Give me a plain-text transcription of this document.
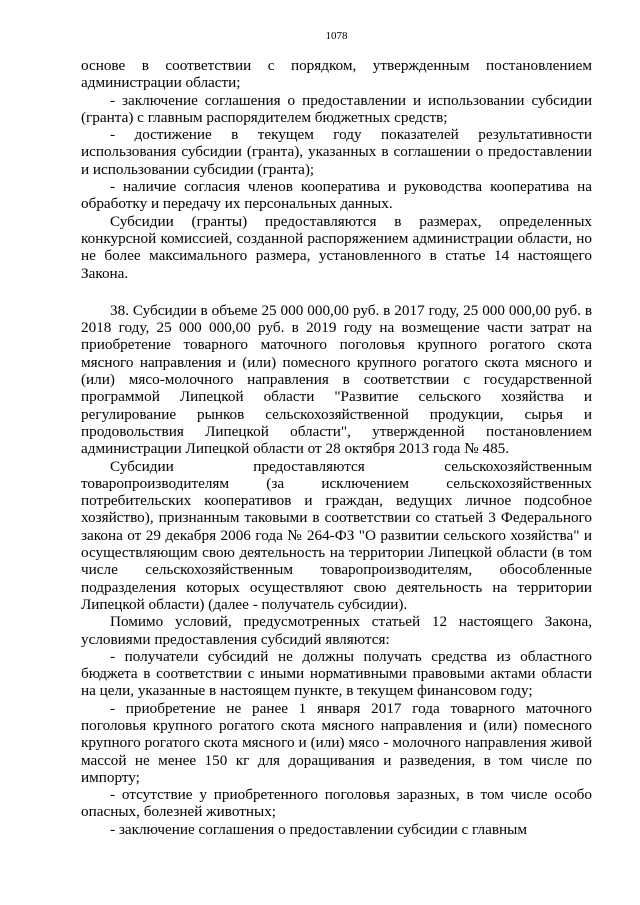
1078

основе в соответствии с порядком, утвержденным постановлением администрации области;

- заключение соглашения о предоставлении и использовании субсидии (гранта) с главным распорядителем бюджетных средств;

- достижение в текущем году показателей результативности использования субсидии (гранта), указанных в соглашении о предоставлении и использовании субсидии (гранта);

- наличие согласия членов кооператива и руководства кооператива на обработку и передачу их персональных данных.

Субсидии (гранты) предоставляются в размерах, определенных конкурсной комиссией, созданной распоряжением администрации области, но не более максимального размера, установленного в статье 14 настоящего Закона.

38. Субсидии в объеме 25 000 000,00 руб. в 2017 году, 25 000 000,00 руб. в 2018 году, 25 000 000,00 руб. в 2019 году на возмещение части затрат на приобретение товарного маточного поголовья крупного рогатого скота мясного направления и (или) помесного крупного рогатого скота мясного и (или) мясо-молочного направления в соответствии с государственной программой Липецкой области "Развитие сельского хозяйства и регулирование рынков сельскохозяйственной продукции, сырья и продовольствия Липецкой области", утвержденной постановлением администрации Липецкой области от 28 октября 2013 года № 485.

Субсидии предоставляются сельскохозяйственным товаропроизводителям (за исключением сельскохозяйственных потребительских кооперативов и граждан, ведущих личное подсобное хозяйство), признанным таковыми в соответствии со статьей 3 Федерального закона от 29 декабря 2006 года № 264-ФЗ "О развитии сельского хозяйства" и осуществляющим свою деятельность на территории Липецкой области (в том числе сельскохозяйственным товаропроизводителям, обособленные подразделения которых осуществляют свою деятельность на территории Липецкой области) (далее - получатель субсидии).

Помимо условий, предусмотренных статьей 12 настоящего Закона, условиями предоставления субсидий являются:

- получатели субсидий не должны получать средства из областного бюджета в соответствии с иными нормативными правовыми актами области на цели, указанные в настоящем пункте, в текущем финансовом году;

- приобретение не ранее 1 января 2017 года товарного маточного поголовья крупного рогатого скота мясного направления и (или) помесного крупного рогатого скота мясного и (или) мясо - молочного направления живой массой не менее 150 кг для доращивания и разведения, в том числе по импорту;

- отсутствие у приобретенного поголовья заразных, в том числе особо опасных, болезней животных;

- заключение соглашения о предоставлении субсидии с главным
